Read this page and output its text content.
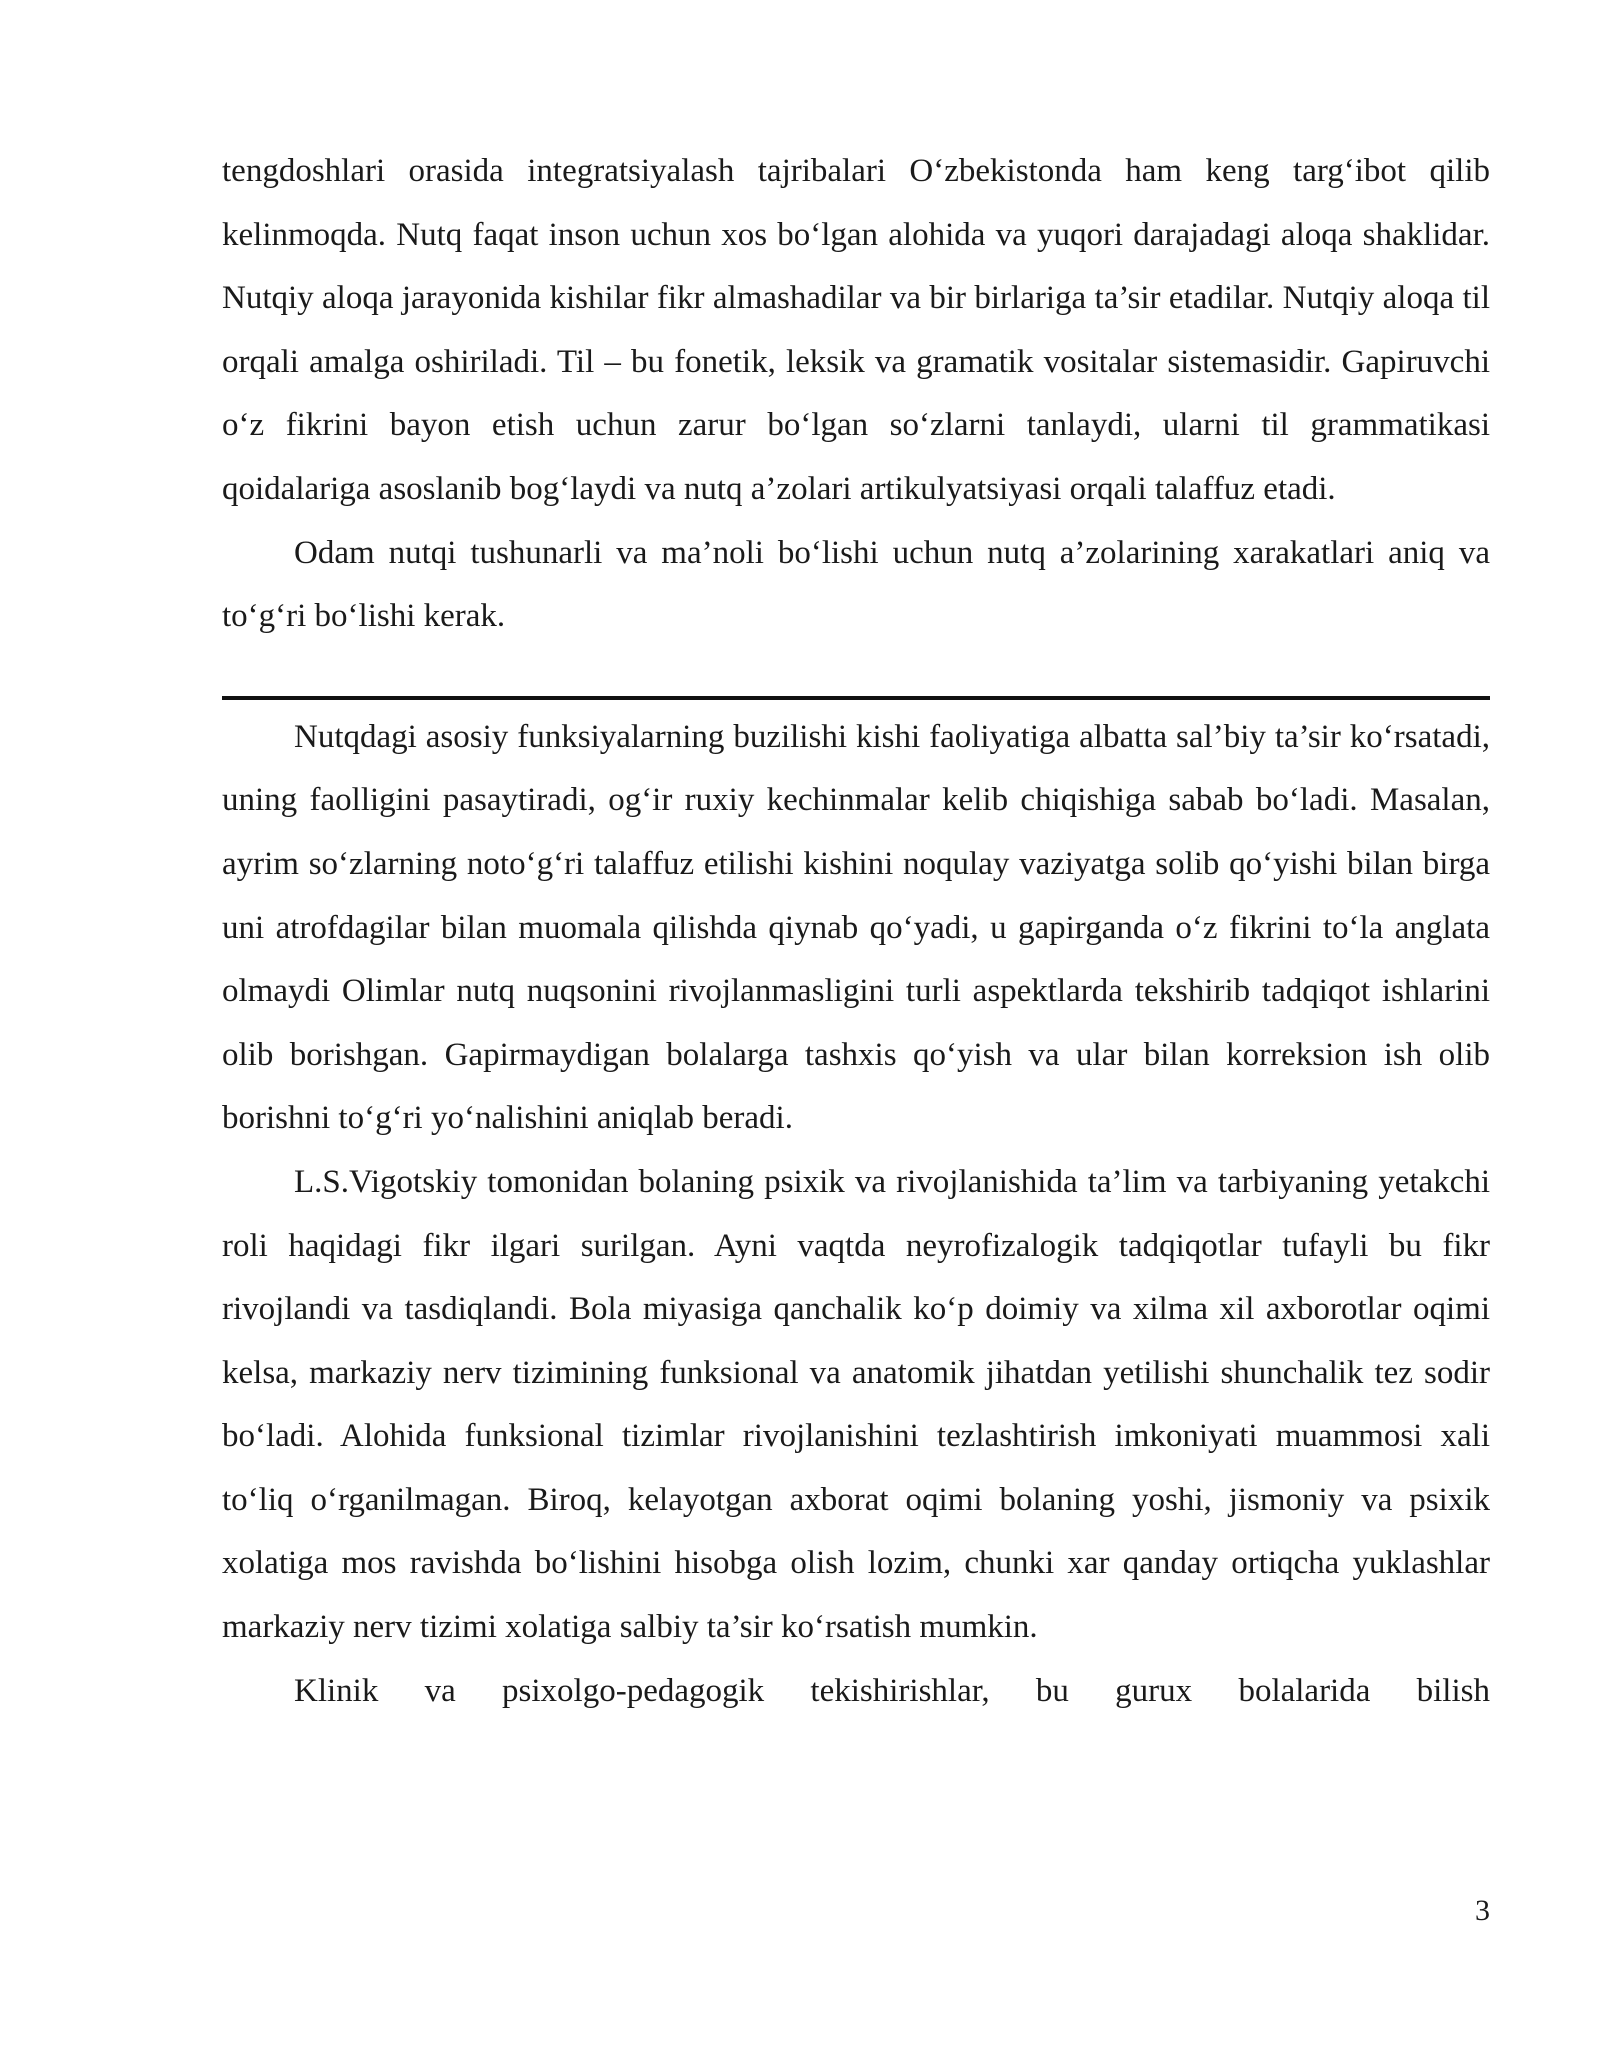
tengdoshlari orasida integratsiyalash tajribalari O‘zbekistonda ham keng targ‘ibot qilib kelinmoqda. Nutq faqat inson uchun xos bo‘lgan alohida va yuqori darajadagi aloqa shaklidar. Nutqiy aloqa jarayonida kishilar fikr almashadilar va bir birlariga ta’sir etadilar. Nutqiy aloqa til orqali amalga oshiriladi. Til – bu fonetik, leksik va gramatik vositalar sistemasidir. Gapiruvchi o‘z fikrini bayon etish uchun zarur bo‘lgan so‘zlarni tanlaydi, ularni til grammatikasi qoidalariga asoslanib bog‘laydi va nutq a’zolari artikulyatsiyasi orqali talaffuz etadi.

Odam nutqi tushunarli va ma’noli bo‘lishi uchun nutq a’zolarining xarakatlari aniq va to‘g‘ri bo‘lishi kerak.

Nutqdagi asosiy funksiyalarning buzilishi kishi faoliyatiga albatta sal’biy ta’sir ko‘rsatadi, uning faolligini pasaytiradi, og‘ir ruxiy kechinmalar kelib chiqishiga sabab bo‘ladi. Masalan, ayrim so‘zlarning noto‘g‘ri talaffuz etilishi kishini noqulay vaziyatga solib qo‘yishi bilan birga uni atrofdagilar bilan muomala qilishda qiynab qo‘yadi, u gapirganda o‘z fikrini to‘la anglata olmaydi Olimlar nutq nuqsonini rivojlanmasligini turli aspektlarda tekshirib tadqiqot ishlarini olib borishgan. Gapirmaydigan bolalarga tashxis qo‘yish va ular bilan korreksion ish olib borishni to‘g‘ri yo‘nalishini aniqlab beradi.

L.S.Vigotskiy tomonidan bolaning psixik va rivojlanishida ta’lim va tarbiyaning yetakchi roli haqidagi fikr ilgari surilgan. Ayni vaqtda neyrofizalogik tadqiqotlar tufayli bu fikr rivojlandi va tasdiqlandi. Bola miyasiga qanchalik ko‘p doimiy va xilma xil axborotlar oqimi kelsa, markaziy nerv tizimining funksional va anatomik jihatdan yetilishi shunchalik tez sodir bo‘ladi. Alohida funksional tizimlar rivojlanishini tezlashtirish imkoniyati muammosi xali to‘liq o‘rganilmagan. Biroq, kelayotgan axborat oqimi bolaning yoshi, jismoniy va psixik xolatiga mos ravishda bo‘lishini hisobga olish lozim, chunki xar qanday ortiqcha yuklashlar markaziy nerv tizimi xolatiga salbiy ta’sir ko‘rsatish mumkin.

Klinik va psixolgo-pedagogik tekishirishlar, bu gurux bolalarida bilish

3
